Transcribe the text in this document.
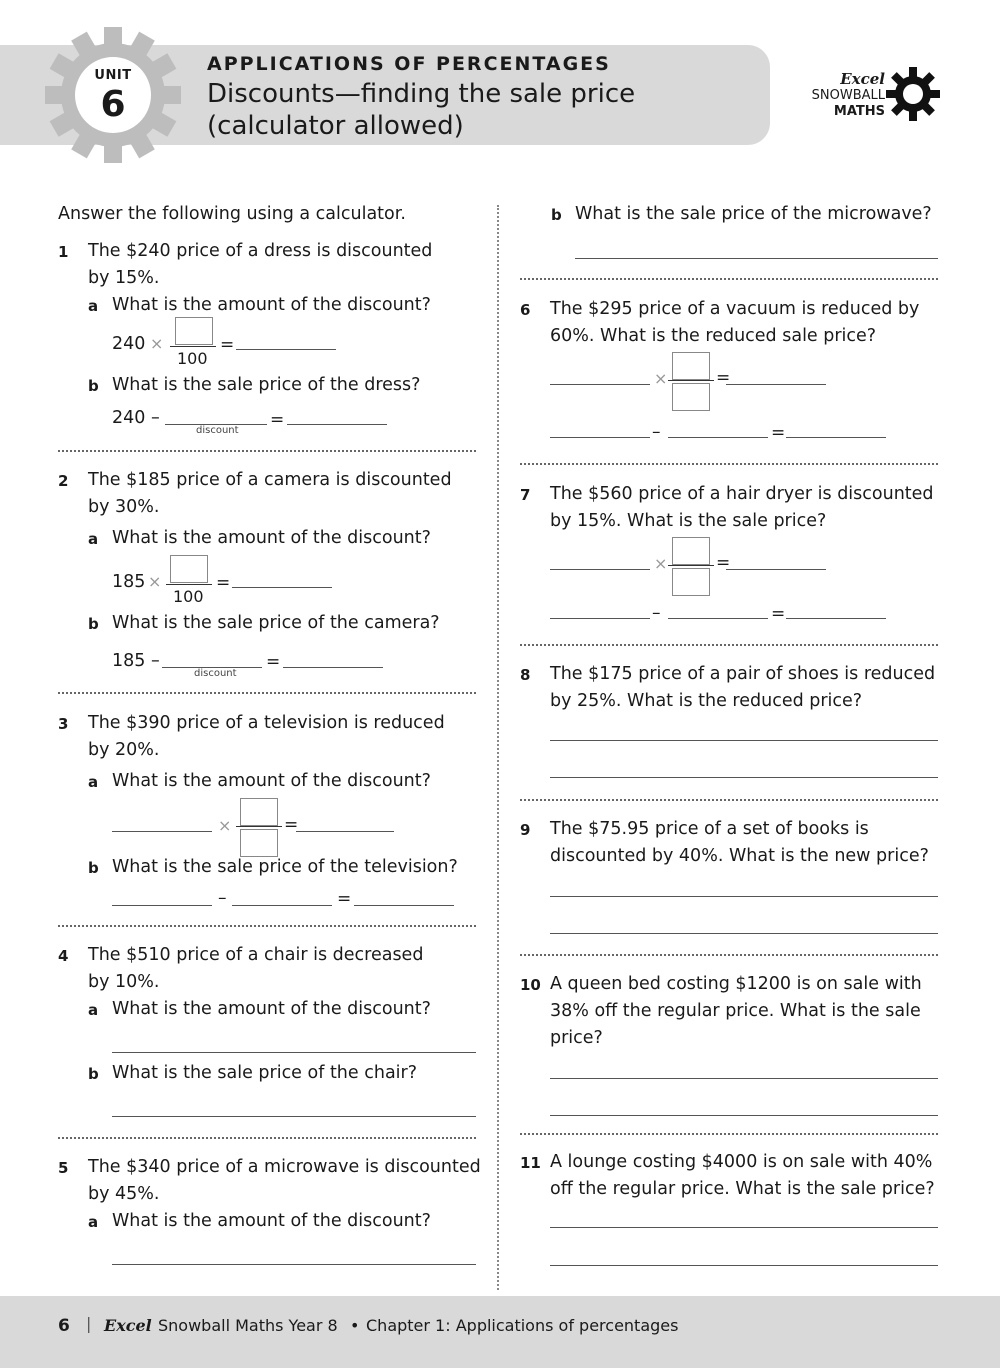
UNIT
6
APPLICATIONS OF PERCENTAGES
Discounts—finding the sale price
(calculator allowed)
Excel
SNOWBALL
MATHS
Answer the following using a calculator.
1 The $240 price of a dress is discounted
by 15%.
a What is the amount of the discount?
240 ×
100
=
b What is the sale price of the dress?
240 –
discount
=
2 The $185 price of a camera is discounted
by 30%.
a What is the amount of the discount?
185 ×
100
=
b What is the sale price of the camera?
185 –
discount
=
3 The $390 price of a television is reduced
by 20%.
a What is the amount of the discount?
×	=
b What is the sale price of the television?
–	=
4 The $510 price of a chair is decreased
by 10%.
a What is the amount of the discount?
b What is the sale price of the chair?
5 The $340 price of a microwave is discounted
by 45%.
a What is the amount of the discount?
b What is the sale price of the microwave?
6 The $295 price of a vacuum is reduced by
60%. What is the reduced sale price?
×	=
–	=
7 The $560 price of a hair dryer is discounted
by 15%. What is the sale price?
×	=
–	=
8 The $175 price of a pair of shoes is reduced
by 25%. What is the reduced price?
9 The $75.95 price of a set of books is
discounted by 40%. What is the new price?
10 A queen bed costing $1200 is on sale with
38% off the regular price. What is the sale
price?
11 A lounge costing $4000 is on sale with 40%
off the regular price. What is the sale price?
6 | Excel Snowball Maths Year 8 • Chapter 1: Applications of percentages
